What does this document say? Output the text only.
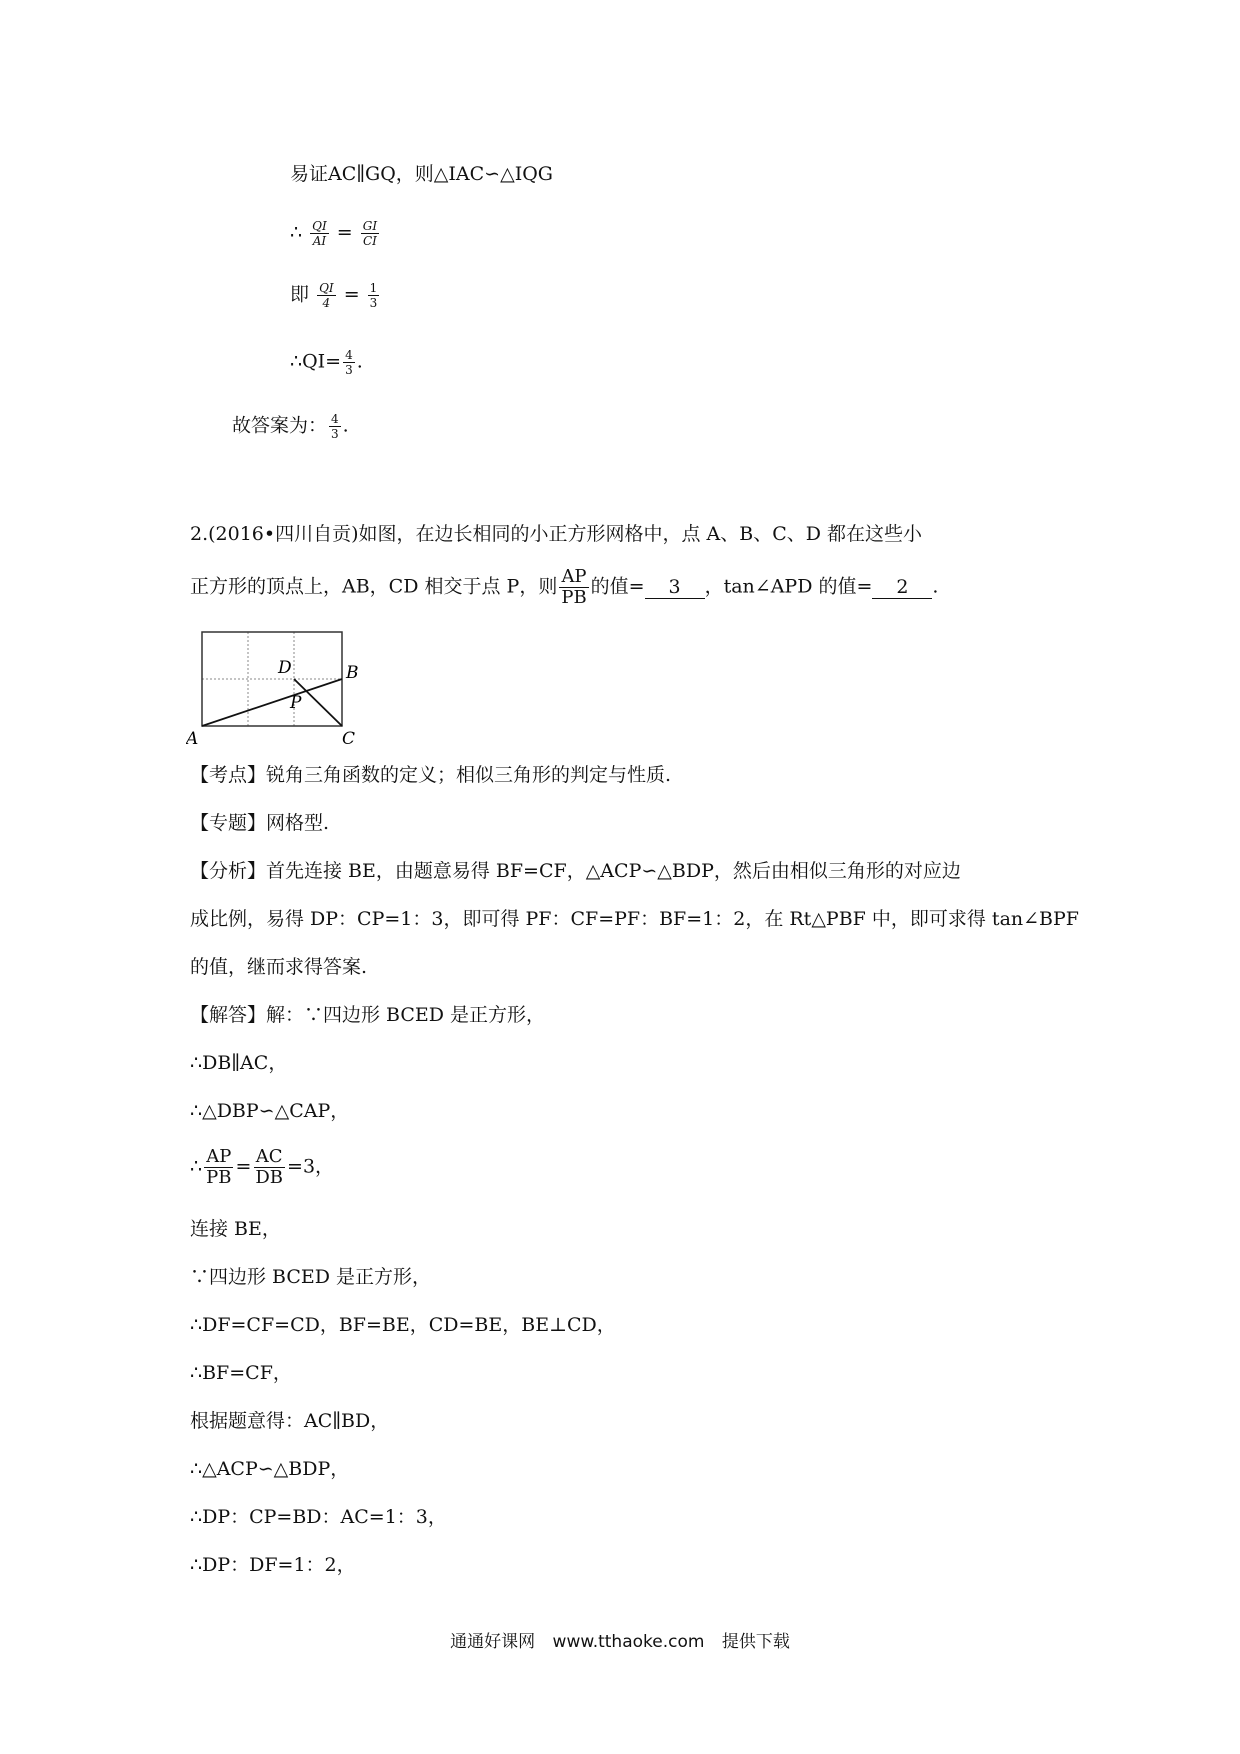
易证AC∥GQ，则△IAC∽△IQG
∴ $\frac{QI}{AI} = \frac{GI}{CI}$
即 $\frac{QI}{4} = \frac{1}{3}$
∴QI= $\frac{4}{3}$ .
故答案为： $\frac{4}{3}$ .
2.(2016•四川自贡)如图，在边长相同的小正方形网格中，点 A、B、C、D 都在这些小
正方形的顶点上，AB，CD 相交于点 P，则 $\frac{AP}{PB}$ 的值= 3 ，tan∠APD 的值= 2 .
A
B
C
D
P
【考点】锐角三角函数的定义；相似三角形的判定与性质.
【专题】网格型.
【分析】首先连接 BE，由题意易得 BF=CF，△ACP∽△BDP，然后由相似三角形的对应边
成比例，易得 DP：CP=1：3，即可得 PF：CF=PF：BF=1：2，在 Rt△PBF 中，即可求得 tan∠BPF
的值，继而求得答案.
【解答】解：∵四边形 BCED 是正方形，
∴DB∥AC，
∴△DBP∽△CAP，
∴ $\frac{AP}{PB} = \frac{AC}{DB} =3$，
连接 BE，
∵四边形 BCED 是正方形，
∴DF=CF=CD，BF=BE，CD=BE，BE⊥CD，
∴BF=CF，
根据题意得：AC∥BD，
∴△ACP∽△BDP，
∴DP：CP=BD：AC=1：3，
∴DP：DF=1：2，
通通好课网 www.tthaoke.com 提供下载
